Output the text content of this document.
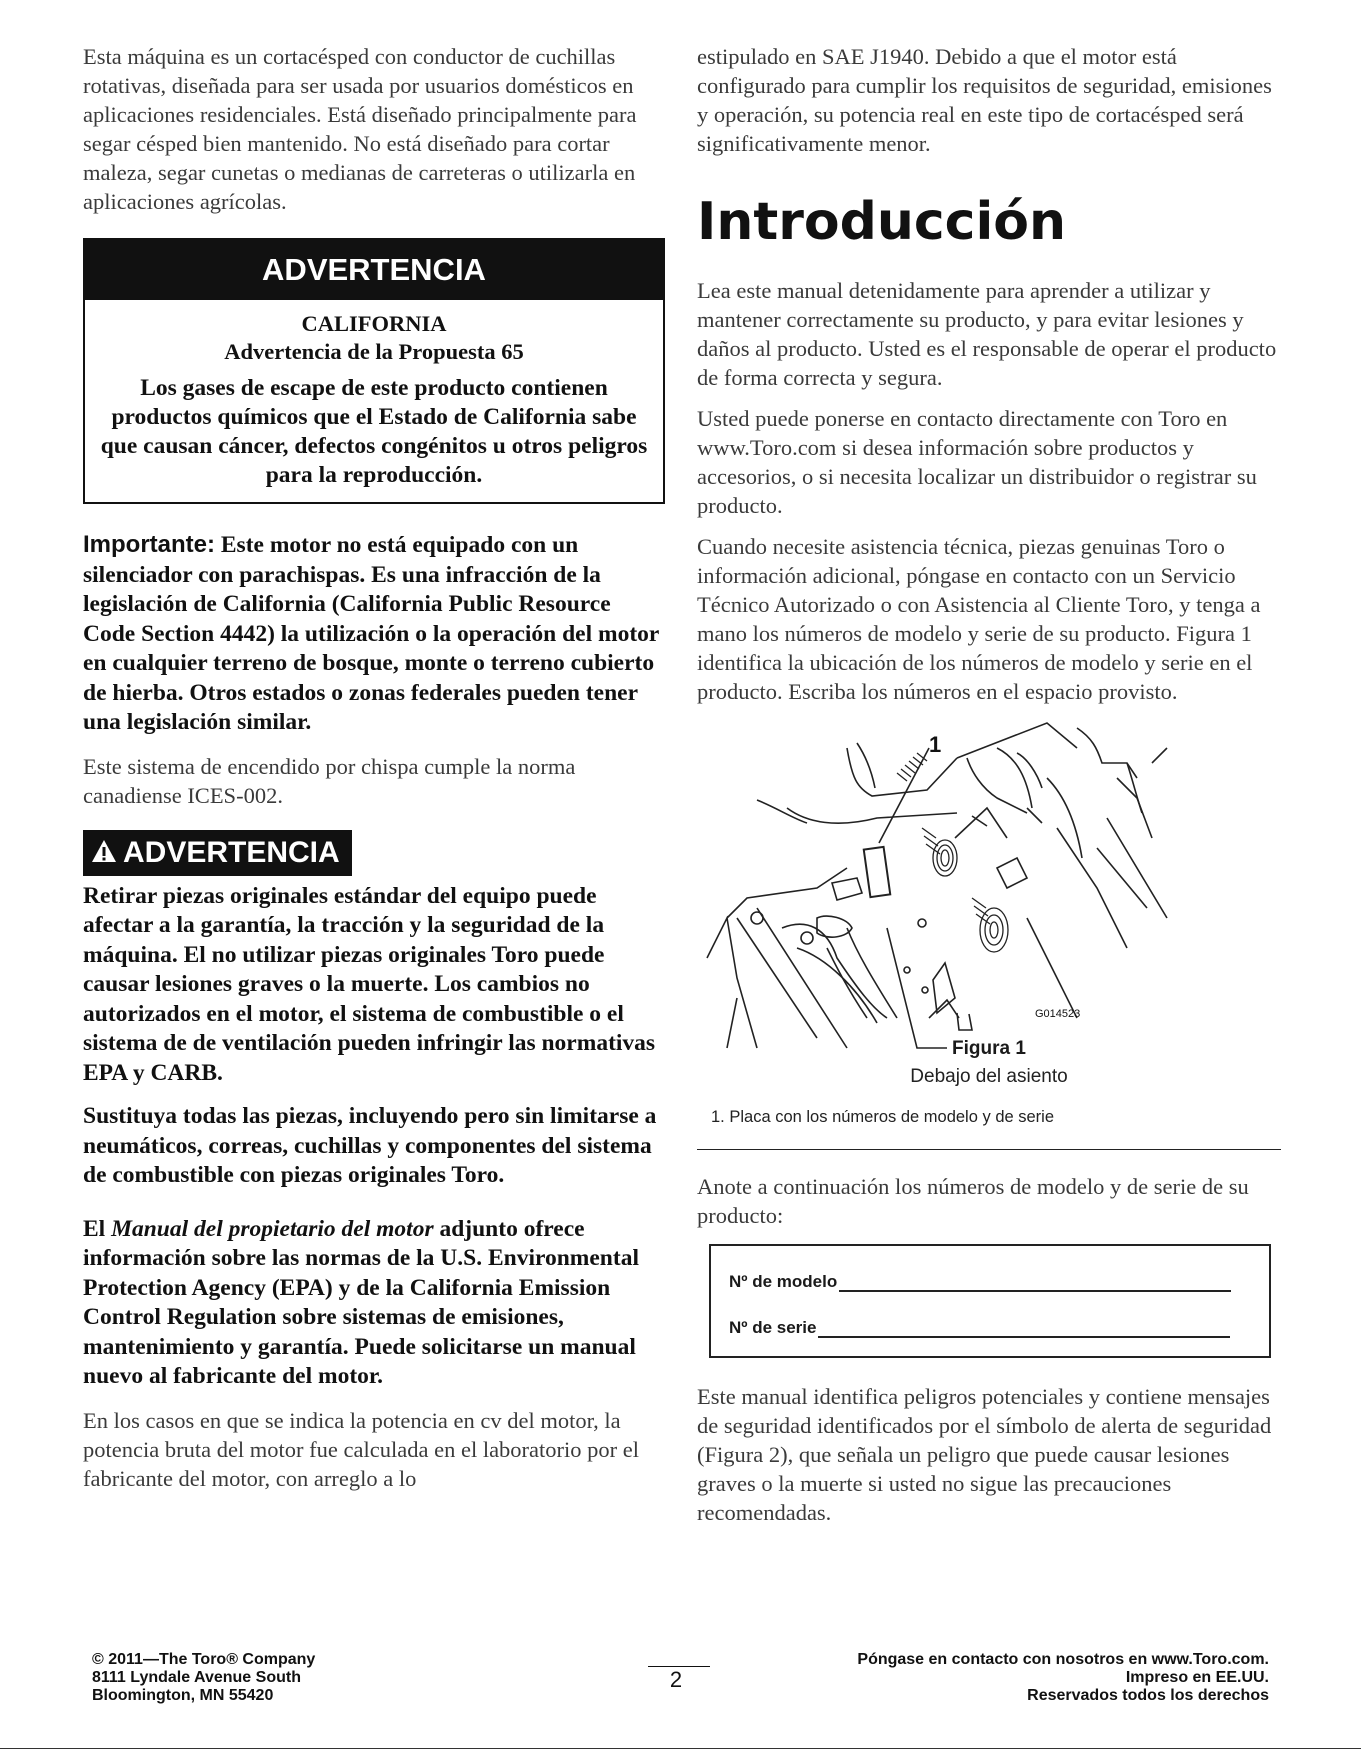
Esta máquina es un cortacésped con conductor de cuchillas rotativas, diseñada para ser usada por usuarios domésticos en aplicaciones residenciales. Está diseñado principalmente para segar césped bien mantenido. No está diseñado para cortar maleza, segar cunetas o medianas de carreteras o utilizarla en aplicaciones agrícolas.

ADVERTENCIA
CALIFORNIA
Advertencia de la Propuesta 65
Los gases de escape de este producto contienen productos químicos que el Estado de California sabe que causan cáncer, defectos congénitos u otros peligros para la reproducción.

Importante: Este motor no está equipado con un silenciador con parachispas. Es una infracción de la legislación de California (California Public Resource Code Section 4442) la utilización o la operación del motor en cualquier terreno de bosque, monte o terreno cubierto de hierba. Otros estados o zonas federales pueden tener una legislación similar.

Este sistema de encendido por chispa cumple la norma canadiense ICES-002.

ADVERTENCIA

Retirar piezas originales estándar del equipo puede afectar a la garantía, la tracción y la seguridad de la máquina. El no utilizar piezas originales Toro puede causar lesiones graves o la muerte. Los cambios no autorizados en el motor, el sistema de combustible o el sistema de de ventilación pueden infringir las normativas EPA y CARB.

Sustituya todas las piezas, incluyendo pero sin limitarse a neumáticos, correas, cuchillas y componentes del sistema de combustible con piezas originales Toro.

El Manual del propietario del motor adjunto ofrece información sobre las normas de la U.S. Environmental Protection Agency (EPA) y de la California Emission Control Regulation sobre sistemas de emisiones, mantenimiento y garantía. Puede solicitarse un manual nuevo al fabricante del motor.

En los casos en que se indica la potencia en cv del motor, la potencia bruta del motor fue calculada en el laboratorio por el fabricante del motor, con arreglo a lo

estipulado en SAE J1940. Debido a que el motor está configurado para cumplir los requisitos de seguridad, emisiones y operación, su potencia real en este tipo de cortacésped será significativamente menor.

Introducción

Lea este manual detenidamente para aprender a utilizar y mantener correctamente su producto, y para evitar lesiones y daños al producto. Usted es el responsable de operar el producto de forma correcta y segura.

Usted puede ponerse en contacto directamente con Toro en www.Toro.com si desea información sobre productos y accesorios, o si necesita localizar un distribuidor o registrar su producto.

Cuando necesite asistencia técnica, piezas genuinas Toro o información adicional, póngase en contacto con un Servicio Técnico Autorizado o con Asistencia al Cliente Toro, y tenga a mano los números de modelo y serie de su producto. Figura 1 identifica la ubicación de los números de modelo y serie en el producto. Escriba los números en el espacio provisto.

1
G014523
Figura 1
Debajo del asiento
1. Placa con los números de modelo y de serie

Anote a continuación los números de modelo y de serie de su producto:

Nº de modelo
Nº de serie

Este manual identifica peligros potenciales y contiene mensajes de seguridad identificados por el símbolo de alerta de seguridad (Figura 2), que señala un peligro que puede causar lesiones graves o la muerte si usted no sigue las precauciones recomendadas.

© 2011—The Toro® Company
8111 Lyndale Avenue South
Bloomington, MN 55420
2
Póngase en contacto con nosotros en www.Toro.com.
Impreso en EE.UU.
Reservados todos los derechos
